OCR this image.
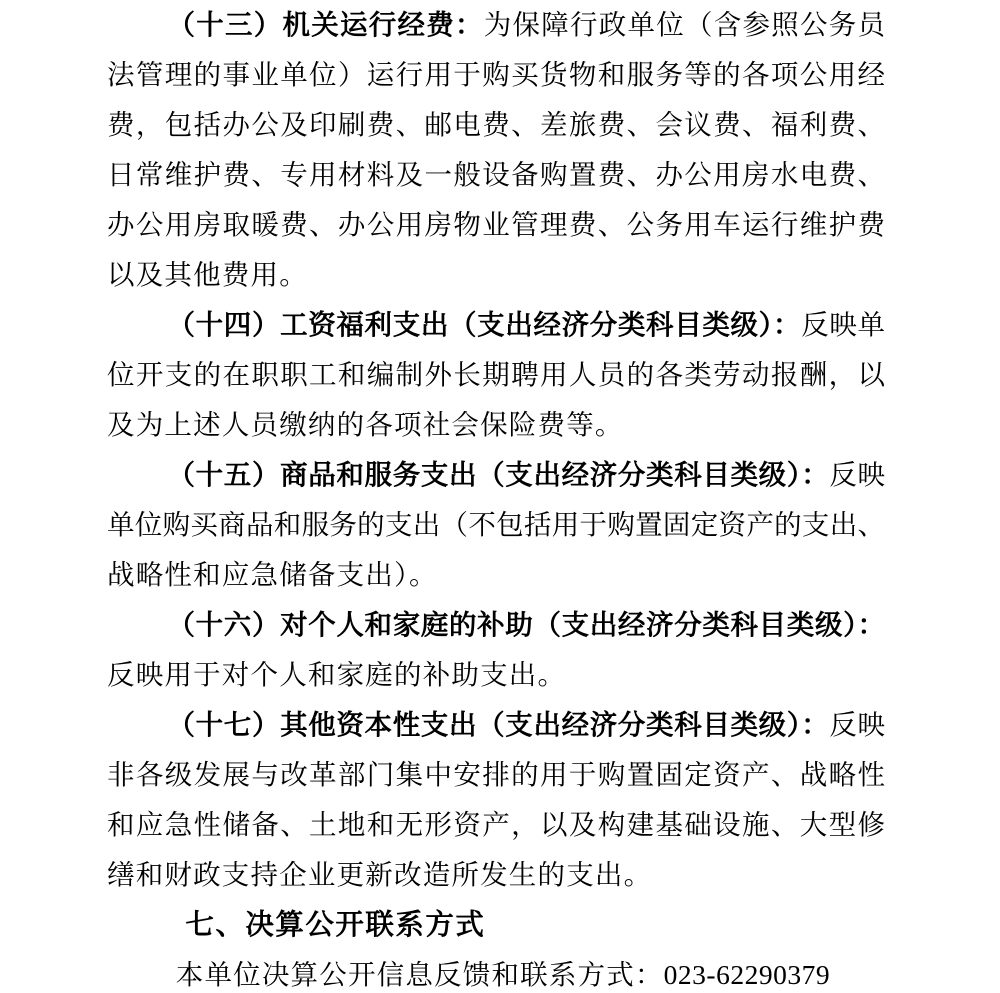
（十三）机关运行经费：为保障行政单位（含参照公务员
法管理的事业单位）运行用于购买货物和服务等的各项公用经
费，包括办公及印刷费、邮电费、差旅费、会议费、福利费、
日常维护费、专用材料及一般设备购置费、办公用房水电费、
办公用房取暖费、办公用房物业管理费、公务用车运行维护费
以及其他费用。
（十四）工资福利支出（支出经济分类科目类级）：反映单
位开支的在职职工和编制外长期聘用人员的各类劳动报酬，以
及为上述人员缴纳的各项社会保险费等。
（十五）商品和服务支出（支出经济分类科目类级）：反映
单位购买商品和服务的支出（不包括用于购置固定资产的支出、
战略性和应急储备支出）。
（十六）对个人和家庭的补助（支出经济分类科目类级）：
反映用于对个人和家庭的补助支出。
（十七）其他资本性支出（支出经济分类科目类级）：反映
非各级发展与改革部门集中安排的用于购置固定资产、战略性
和应急性储备、土地和无形资产，以及构建基础设施、大型修
缮和财政支持企业更新改造所发生的支出。
七、决算公开联系方式
本单位决算公开信息反馈和联系方式：023-62290379
